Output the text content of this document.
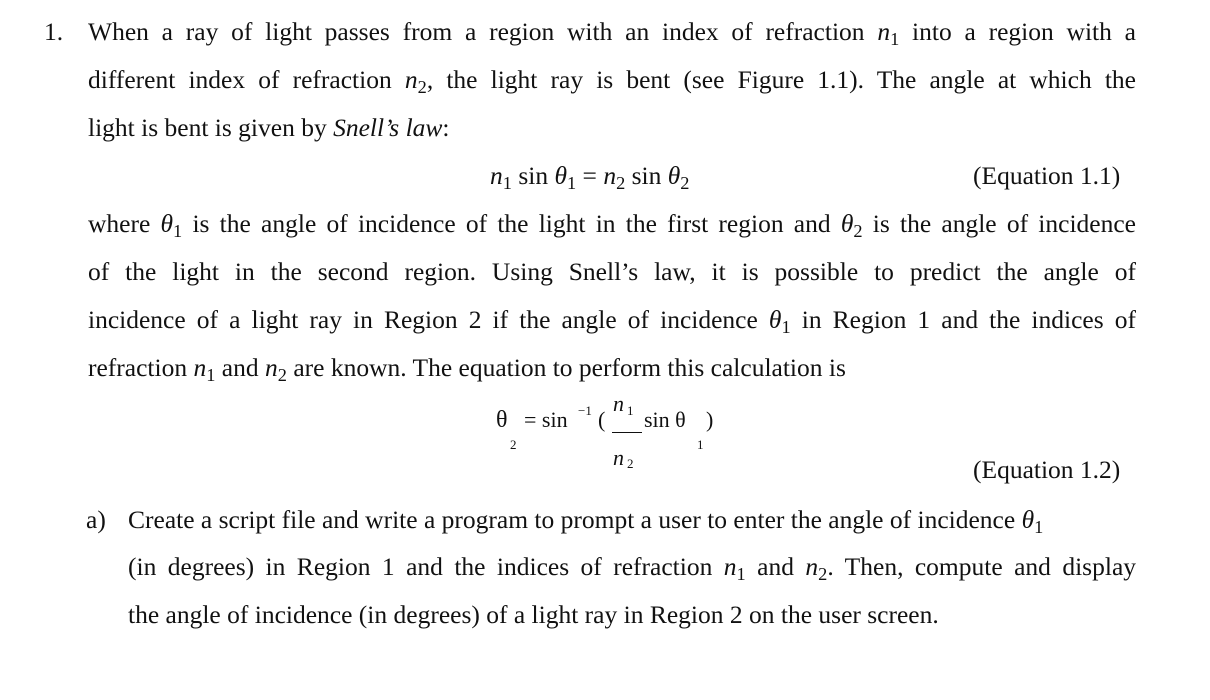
1. When a ray of light passes from a region with an index of refraction $n_1$ into a region with a
different index of refraction $n_2$, the light ray is bent (see Figure 1.1). The angle at which the
light is bent is given by Snell’s law:
$n_1$ $\sin \theta_1 = n_2$ $\sin \theta_2$	(Equation 1.1)
where $\theta_1$ is the angle of incidence of the light in the first region and $\theta_2$ is the angle of incidence
of the light in the second region. Using Snell’s law, it is possible to predict the angle of
incidence of a light ray in Region 2 if the angle of incidence $\theta_1$ in Region 1 and the indices of
refraction $n_1$ and $n_2$ are known. The equation to perform this calculation is
θ = sin −1 (
n 1 sin θ )
2	1
n 2	(Equation 1.2)
a) Create a script file and write a program to prompt a user to enter the angle of incidence $\theta_1$
(in degrees) in Region 1 and the indices of refraction $n_1$ and $n_2$. Then, compute and display
the angle of incidence (in degrees) of a light ray in Region 2 on the user screen.
